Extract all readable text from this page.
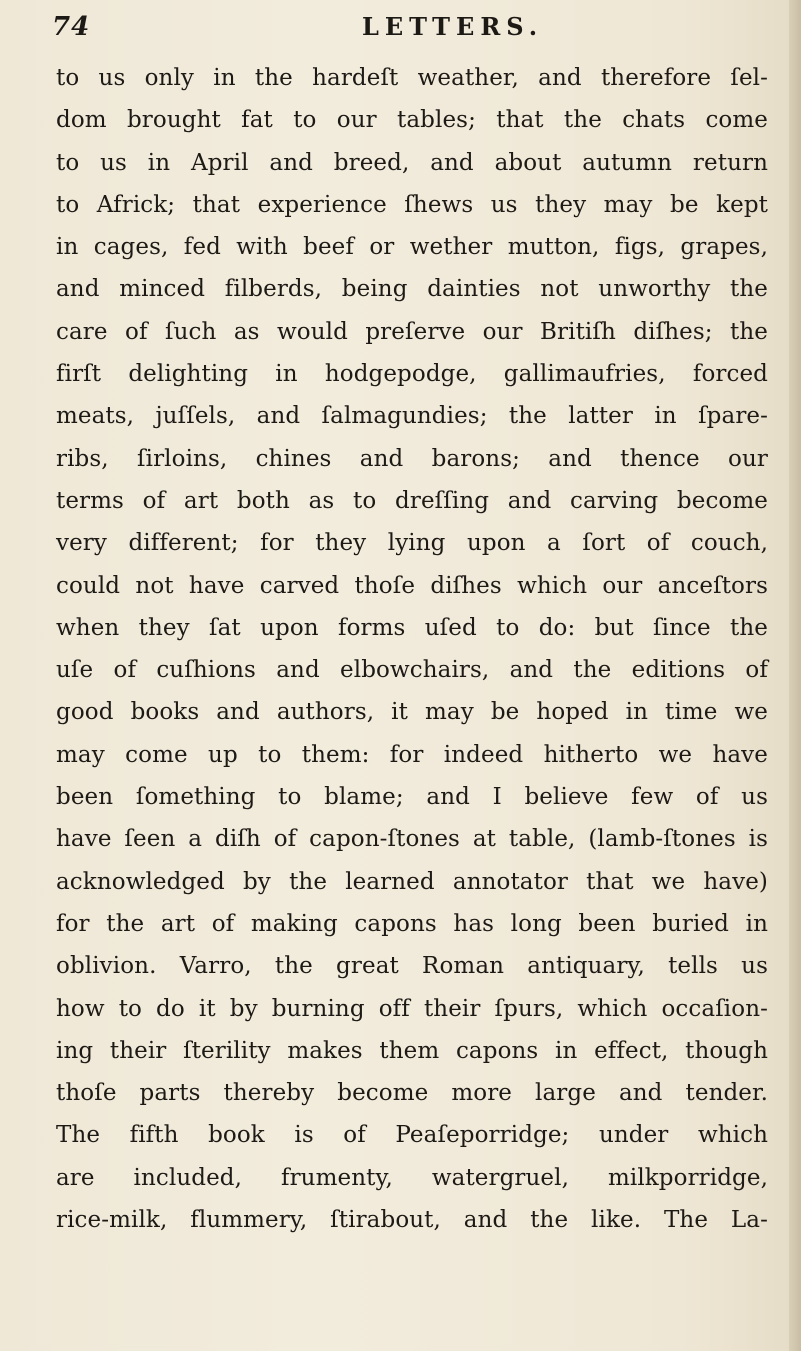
74	LETTERS.
to us only in the hardeſt weather, and therefore ſel-
dom brought fat to our tables; that the chats come
to us in April and breed, and about autumn return
to Africk; that experience ſhews us they may be kept
in cages, fed with beef or wether mutton, figs, grapes,
and minced filberds, being dainties not unworthy the
care of ſuch as would preſerve our Britiſh diſhes; the
firſt delighting in hodgepodge, gallimaufries, forced
meats, juſſels, and ſalmagundies; the latter in ſpare-
ribs, ſirloins, chines and barons; and thence our
terms of art both as to dreſſing and carving become
very different; for they lying upon a ſort of couch,
could not have carved thoſe diſhes which our anceſtors
when they ſat upon forms uſed to do: but ſince the
uſe of cuſhions and elbowchairs, and the editions of
good books and authors, it may be hoped in time we
may come up to them: for indeed hitherto we have
been ſomething to blame; and I believe few of us
have ſeen a diſh of capon-ſtones at table, (lamb-ſtones is
acknowledged by the learned annotator that we have)
for the art of making capons has long been buried in
oblivion. Varro, the great Roman antiquary, tells us
how to do it by burning off their ſpurs, which occaſion-
ing their ſterility makes them capons in effect, though
thoſe parts thereby become more large and tender.
The fifth book is of Peaſeporridge; under which
are included, frumenty, watergruel, milkporridge,
rice-milk, flummery, ſtirabout, and the like. The La-
